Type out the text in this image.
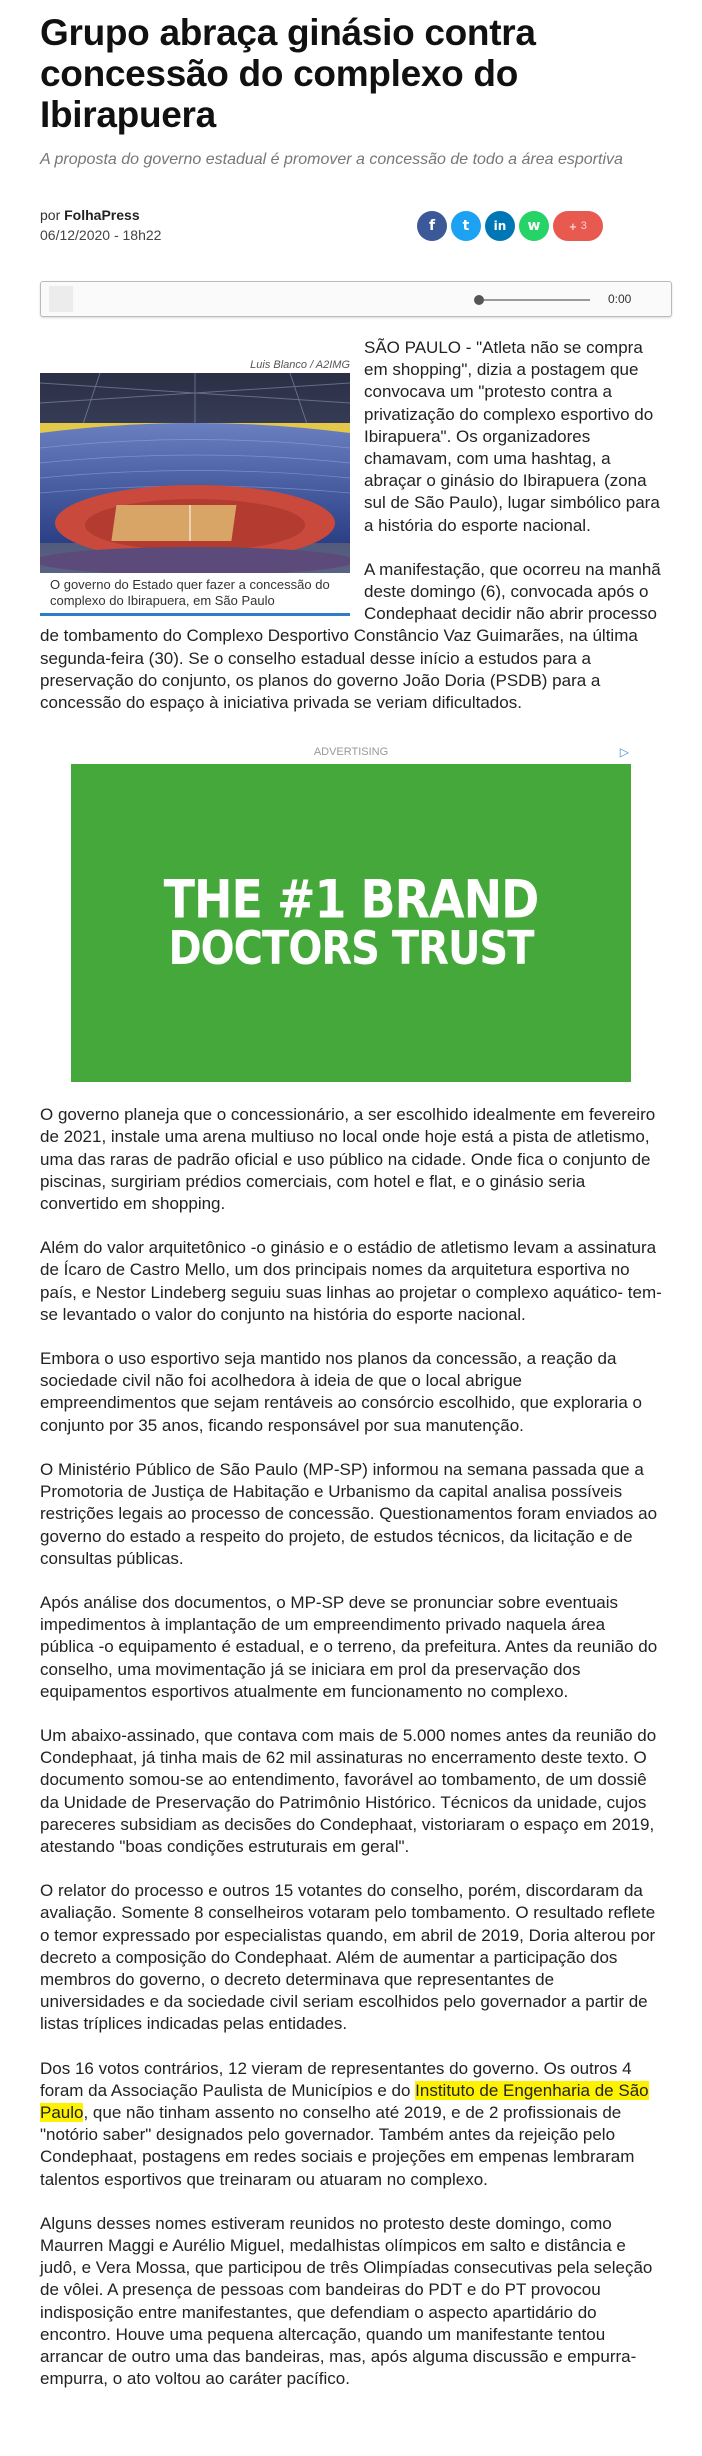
Grupo abraça ginásio contra concessão do complexo do Ibirapuera
A proposta do governo estadual é promover a concessão de todo a área esportiva
por FolhaPress
06/12/2020 - 18h22
f t in w + 3
0:00
Luis Blanco / A2IMG
O governo do Estado quer fazer a concessão do complexo do Ibirapuera, em São Paulo

SÃO PAULO - "Atleta não se compra em shopping", dizia a postagem que convocava um "protesto contra a privatização do complexo esportivo do Ibirapuera". Os organizadores chamavam, com uma hashtag, a abraçar o ginásio do Ibirapuera (zona sul de São Paulo), lugar simbólico para a história do esporte nacional.

A manifestação, que ocorreu na manhã deste domingo (6), convocada após o Condephaat decidir não abrir processo de tombamento do Complexo Desportivo Constâncio Vaz Guimarães, na última segunda-feira (30). Se o conselho estadual desse início a estudos para a preservação do conjunto, os planos do governo João Doria (PSDB) para a concessão do espaço à iniciativa privada se veriam dificultados.

ADVERTISING	▷
THE #1 BRAND
DOCTORS TRUST

O governo planeja que o concessionário, a ser escolhido idealmente em fevereiro de 2021, instale uma arena multiuso no local onde hoje está a pista de atletismo, uma das raras de padrão oficial e uso público na cidade. Onde fica o conjunto de piscinas, surgiriam prédios comerciais, com hotel e flat, e o ginásio seria convertido em shopping.

Além do valor arquitetônico -o ginásio e o estádio de atletismo levam a assinatura de Ícaro de Castro Mello, um dos principais nomes da arquitetura esportiva no país, e Nestor Lindeberg seguiu suas linhas ao projetar o complexo aquático- tem-se levantado o valor do conjunto na história do esporte nacional.

Embora o uso esportivo seja mantido nos planos da concessão, a reação da sociedade civil não foi acolhedora à ideia de que o local abrigue empreendimentos que sejam rentáveis ao consórcio escolhido, que exploraria o conjunto por 35 anos, ficando responsável por sua manutenção.

O Ministério Público de São Paulo (MP-SP) informou na semana passada que a Promotoria de Justiça de Habitação e Urbanismo da capital analisa possíveis restrições legais ao processo de concessão. Questionamentos foram enviados ao governo do estado a respeito do projeto, de estudos técnicos, da licitação e de consultas públicas.

Após análise dos documentos, o MP-SP deve se pronunciar sobre eventuais impedimentos à implantação de um empreendimento privado naquela área pública -o equipamento é estadual, e o terreno, da prefeitura. Antes da reunião do conselho, uma movimentação já se iniciara em prol da preservação dos equipamentos esportivos atualmente em funcionamento no complexo.

Um abaixo-assinado, que contava com mais de 5.000 nomes antes da reunião do Condephaat, já tinha mais de 62 mil assinaturas no encerramento deste texto. O documento somou-se ao entendimento, favorável ao tombamento, de um dossiê da Unidade de Preservação do Patrimônio Histórico. Técnicos da unidade, cujos pareceres subsidiam as decisões do Condephaat, vistoriaram o espaço em 2019, atestando "boas condições estruturais em geral".

O relator do processo e outros 15 votantes do conselho, porém, discordaram da avaliação. Somente 8 conselheiros votaram pelo tombamento. O resultado reflete o temor expressado por especialistas quando, em abril de 2019, Doria alterou por decreto a composição do Condephaat. Além de aumentar a participação dos membros do governo, o decreto determinava que representantes de universidades e da sociedade civil seriam escolhidos pelo governador a partir de listas tríplices indicadas pelas entidades.

Dos 16 votos contrários, 12 vieram de representantes do governo. Os outros 4 foram da Associação Paulista de Municípios e do Instituto de Engenharia de São Paulo, que não tinham assento no conselho até 2019, e de 2 profissionais de "notório saber" designados pelo governador. Também antes da rejeição pelo Condephaat, postagens em redes sociais e projeções em empenas lembraram talentos esportivos que treinaram ou atuaram no complexo.

Alguns desses nomes estiveram reunidos no protesto deste domingo, como Maurren Maggi e Aurélio Miguel, medalhistas olímpicos em salto e distância e judô, e Vera Mossa, que participou de três Olimpíadas consecutivas pela seleção de vôlei. A presença de pessoas com bandeiras do PDT e do PT provocou indisposição entre manifestantes, que defendiam o aspecto apartidário do encontro. Houve uma pequena altercação, quando um manifestante tentou arrancar de outro uma das bandeiras, mas, após alguma discussão e empurra-empurra, o ato voltou ao caráter pacífico.
